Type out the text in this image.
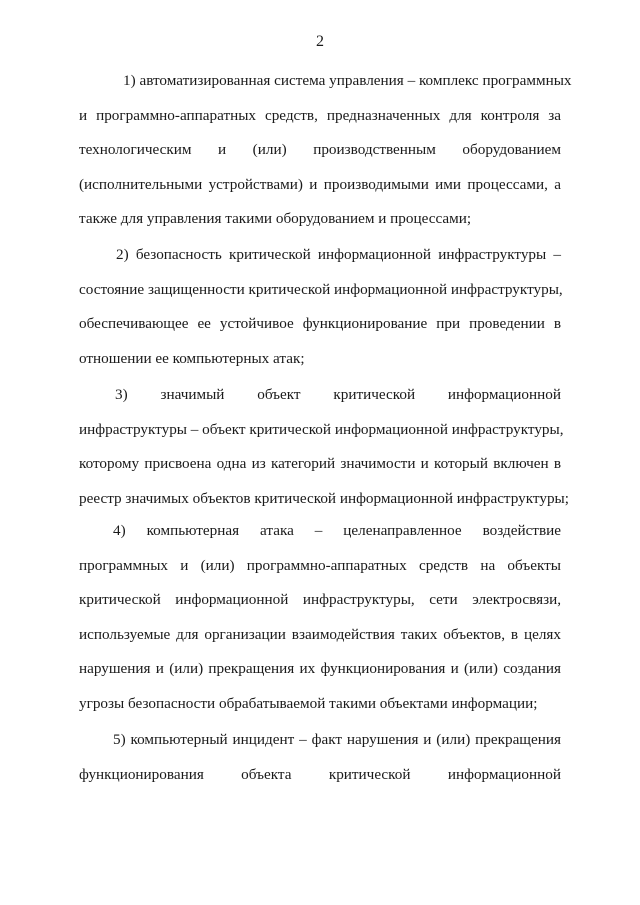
2
1) автоматизированная система управления – комплекс программных
и программно-аппаратных средств, предназначенных для контроля за
технологическим и (или) производственным оборудованием
(исполнительными устройствами) и производимыми ими процессами, а
также для управления такими оборудованием и процессами;
2) безопасность критической информационной инфраструктуры –
состояние защищенности критической информационной инфраструктуры,
обеспечивающее ее устойчивое функционирование при проведении в
отношении ее компьютерных атак;
3) значимый объект критической информационной
инфраструктуры – объект критической информационной инфраструктуры,
которому присвоена одна из категорий значимости и который включен в
реестр значимых объектов критической информационной инфраструктуры;
4) компьютерная атака – целенаправленное воздействие
программных и (или) программно-аппаратных средств на объекты
критической информационной инфраструктуры, сети электросвязи,
используемые для организации взаимодействия таких объектов, в целях
нарушения и (или) прекращения их функционирования и (или) создания
угрозы безопасности обрабатываемой такими объектами информации;
5) компьютерный инцидент – факт нарушения и (или) прекращения
функционирования объекта критической информационной
